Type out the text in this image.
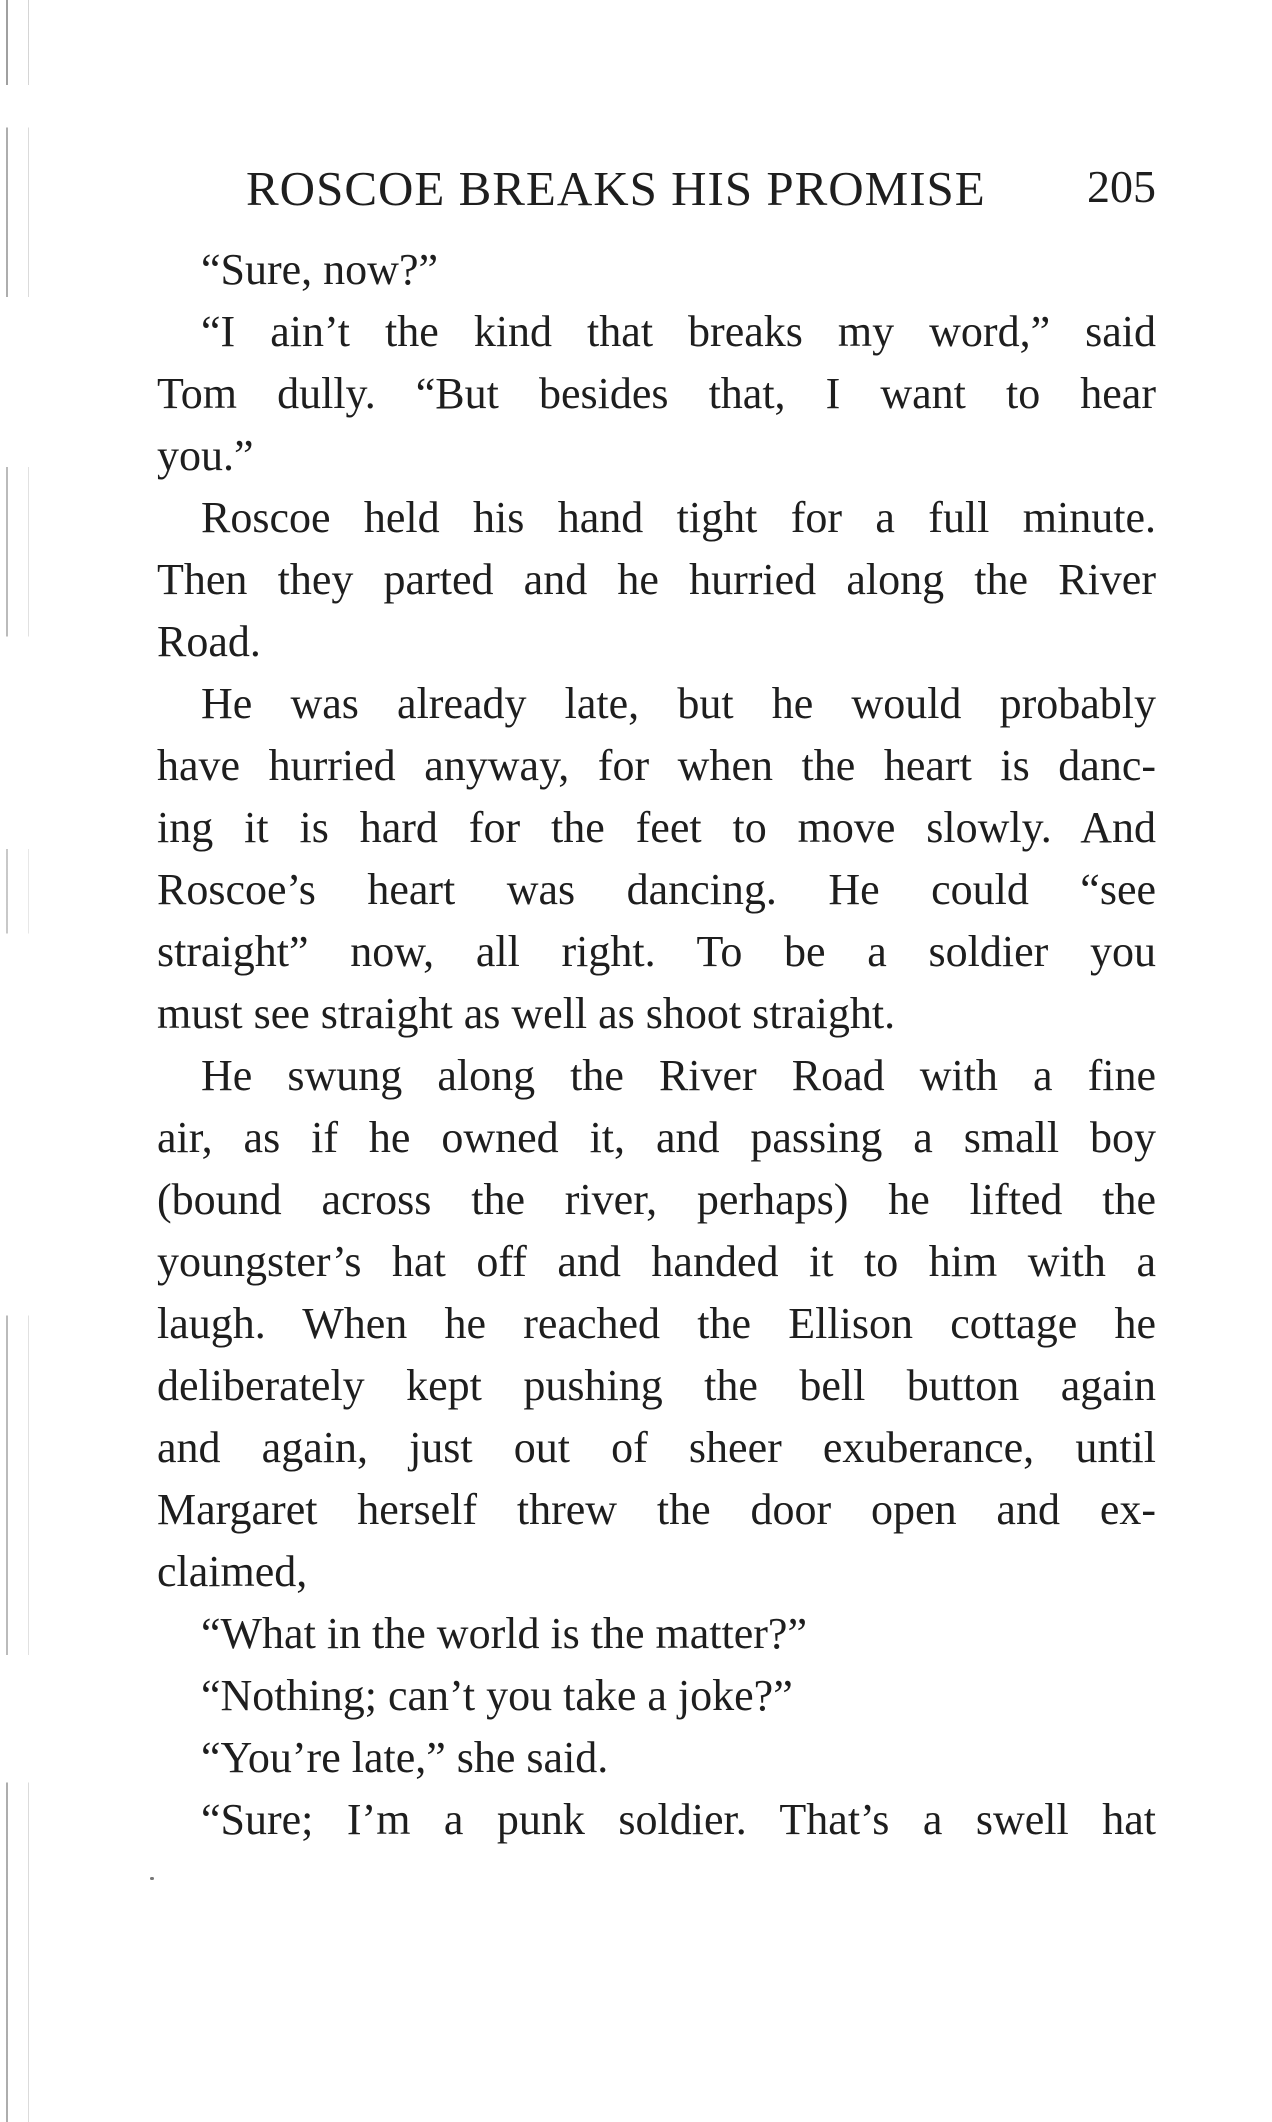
ROSCOE BREAKS HIS PROMISE 205
“Sure, now?”
“I ain’t the kind that breaks my word,” said
Tom dully. “But besides that, I want to hear
you.”
Roscoe held his hand tight for a full minute.
Then they parted and he hurried along the River
Road.
He was already late, but he would probably
have hurried anyway, for when the heart is danc-
ing it is hard for the feet to move slowly. And
Roscoe’s heart was dancing. He could “see
straight” now, all right. To be a soldier you
must see straight as well as shoot straight.
He swung along the River Road with a fine
air, as if he owned it, and passing a small boy
(bound across the river, perhaps) he lifted the
youngster’s hat off and handed it to him with a
laugh. When he reached the Ellison cottage he
deliberately kept pushing the bell button again
and again, just out of sheer exuberance, until
Margaret herself threw the door open and ex-
claimed,
“What in the world is the matter?”
“Nothing; can’t you take a joke?”
“You’re late,” she said.
“Sure; I’m a punk soldier. That’s a swell hat
